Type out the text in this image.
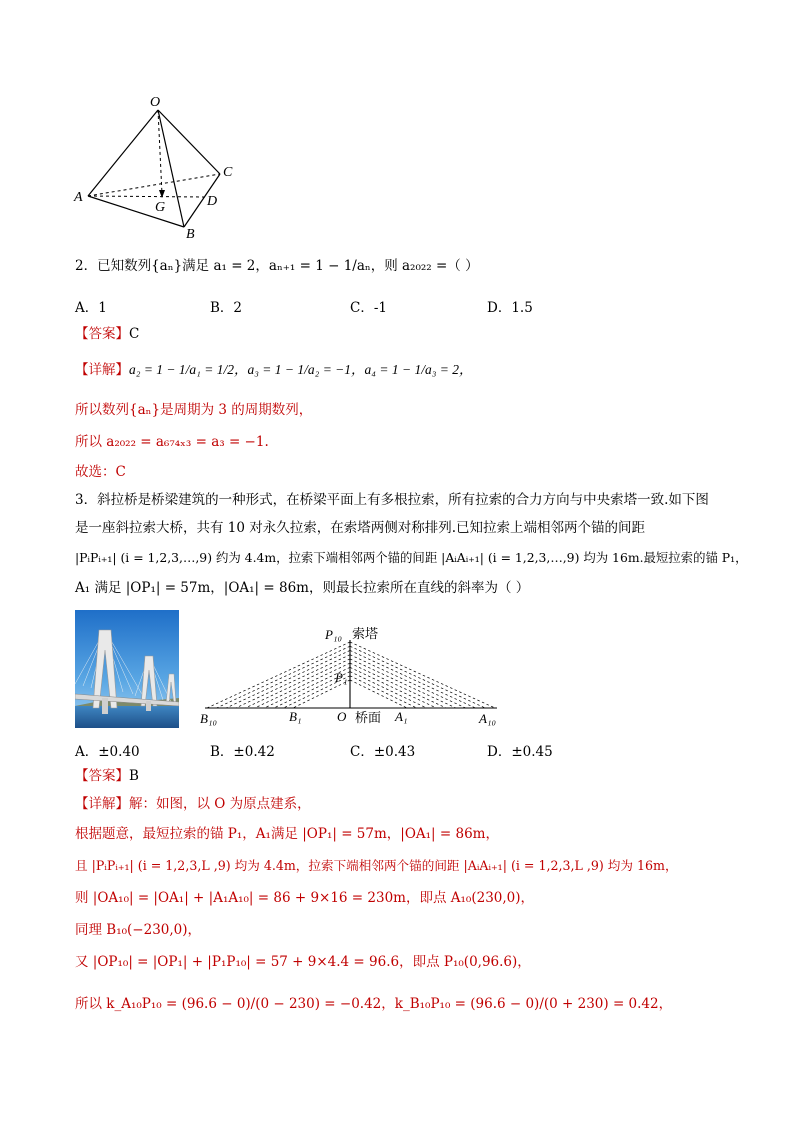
O
A
C
G	D
B
2．已知数列{aₙ}满足 a₁ = 2，aₙ₊₁ = 1 − 1/aₙ，则 a₂₀₂₂ =（ ）
A．1	B．2	C．-1	D．1.5
【答案】C
【详解】a₂ = 1 − 1/a₁ = 1/2，a₃ = 1 − 1/a₂ = −1，a₄ = 1 − 1/a₃ = 2，
所以数列{aₙ}是周期为 3 的周期数列，
所以 a₂₀₂₂ = a₆₇₄ₓ₃ = a₃ = −1.
故选：C
3．斜拉桥是桥梁建筑的一种形式，在桥梁平面上有多根拉索，所有拉索的合力方向与中央索塔一致.如下图
是一座斜拉索大桥，共有 10 对永久拉索，在索塔两侧对称排列.已知拉索上端相邻两个锚的间距
|PᵢPᵢ₊₁| (i = 1,2,3,…,9) 约为 4.4m，拉索下端相邻两个锚的间距 |AᵢAᵢ₊₁| (i = 1,2,3,…,9) 均为 16m.最短拉索的锚 P₁，
A₁ 满足 |OP₁| = 57m，|OA₁| = 86m，则最长拉索所在直线的斜率为（ ）
P₁₀ 索塔
P₁
B₁₀	B₁	O 桥面 A₁	A₁₀
A．±0.40	B．±0.42	C．±0.43	D．±0.45
【答案】B
【详解】解：如图，以 O 为原点建系，
根据题意，最短拉索的锚 P₁，A₁满足 |OP₁| = 57m，|OA₁| = 86m，
且 |PᵢPᵢ₊₁| (i = 1,2,3,L ,9) 均为 4.4m，拉索下端相邻两个锚的间距 |AᵢAᵢ₊₁| (i = 1,2,3,L ,9) 均为 16m，
则 |OA₁₀| = |OA₁| + |A₁A₁₀| = 86 + 9×16 = 230m，即点 A₁₀(230,0)，
同理 B₁₀(−230,0)，
又 |OP₁₀| = |OP₁| + |P₁P₁₀| = 57 + 9×4.4 = 96.6，即点 P₁₀(0,96.6)，
所以 k_A₁₀P₁₀ = (96.6 − 0)/(0 − 230) = −0.42，k_B₁₀P₁₀ = (96.6 − 0)/(0 + 230) = 0.42，
